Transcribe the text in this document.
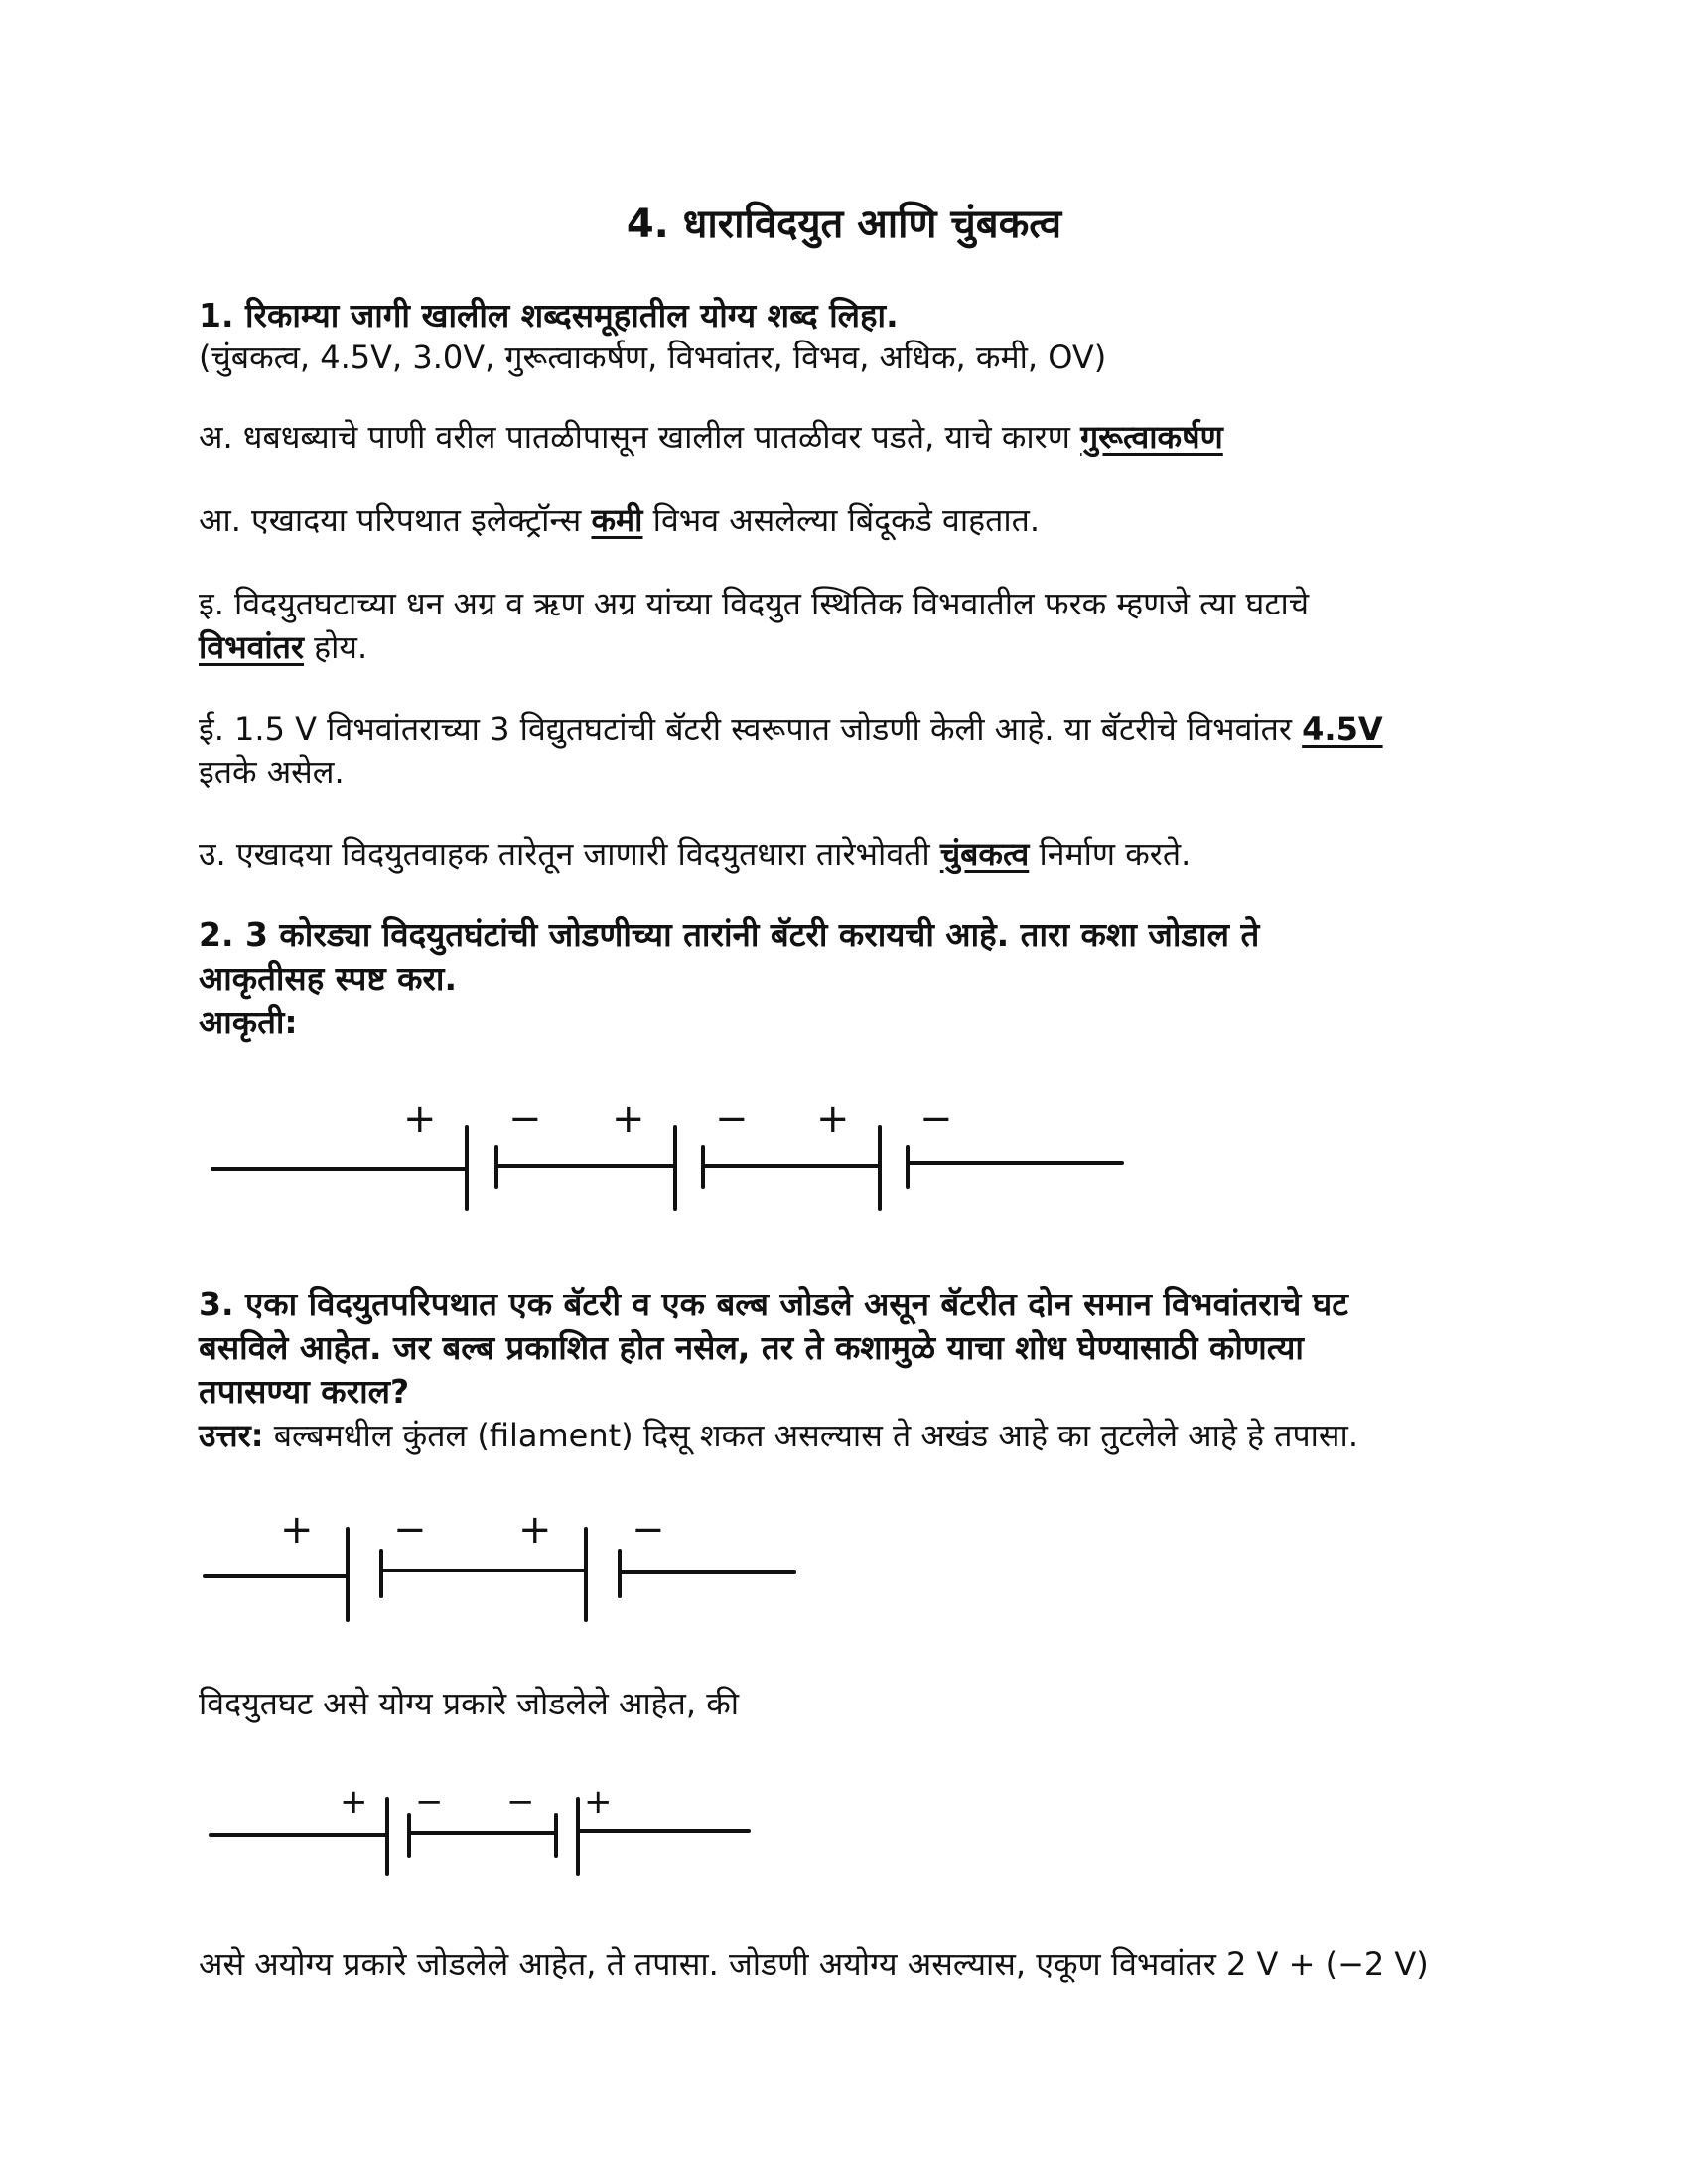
4. धाराविदयुत आणि चुंबकत्व

1. रिकाम्या जागी खालील शब्दसमूहातील योग्य शब्द लिहा.

(चुंबकत्व, 4.5V, 3.0V, गुरूत्वाकर्षण, विभवांतर, विभव, अधिक, कमी, OV)

अ. धबधब्याचे पाणी वरील पातळीपासून खालील पातळीवर पडते, याचे कारण गुरूत्वाकर्षण

आ. एखादया परिपथात इलेक्ट्रॉन्स कमी विभव असलेल्या बिंदूकडे वाहतात.

इ. विदयुतघटाच्या धन अग्र व ऋण अग्र यांच्या विदयुत स्थितिक विभवातील फरक म्हणजे त्या घटाचे

विभवांतर होय.

ई. 1.5 V विभवांतराच्या 3 विद्युतघटांची बॅटरी स्वरूपात जोडणी केली आहे. या बॅटरीचे विभवांतर 4.5V

इतके असेल.

उ. एखादया विदयुतवाहक तारेतून जाणारी विदयुतधारा तारेभोवती चुंबकत्व निर्माण करते.

2. 3 कोरड्या विदयुतघंटांची जोडणीच्या तारांनी बॅटरी करायची आहे. तारा कशा जोडाल ते

आकृतीसह स्पष्ट करा.

आकृती:

+ − + − + −

3. एका विदयुतपरिपथात एक बॅटरी व एक बल्ब जोडले असून बॅटरीत दोन समान विभवांतराचे घट

बसविले आहेत. जर बल्ब प्रकाशित होत नसेल, तर ते कशामुळे याचा शोध घेण्यासाठी कोणत्या

तपासण्या कराल?

उत्तर: बल्बमधील कुंतल (filament) दिसू शकत असल्यास ते अखंड आहे का तुटलेले आहे हे तपासा.

+ − + −

विदयुतघट असे योग्य प्रकारे जोडलेले आहेत, की

+ − − +

असे अयोग्य प्रकारे जोडलेले आहेत, ते तपासा. जोडणी अयोग्य असल्यास, एकूण विभवांतर 2 V + (−2 V)
